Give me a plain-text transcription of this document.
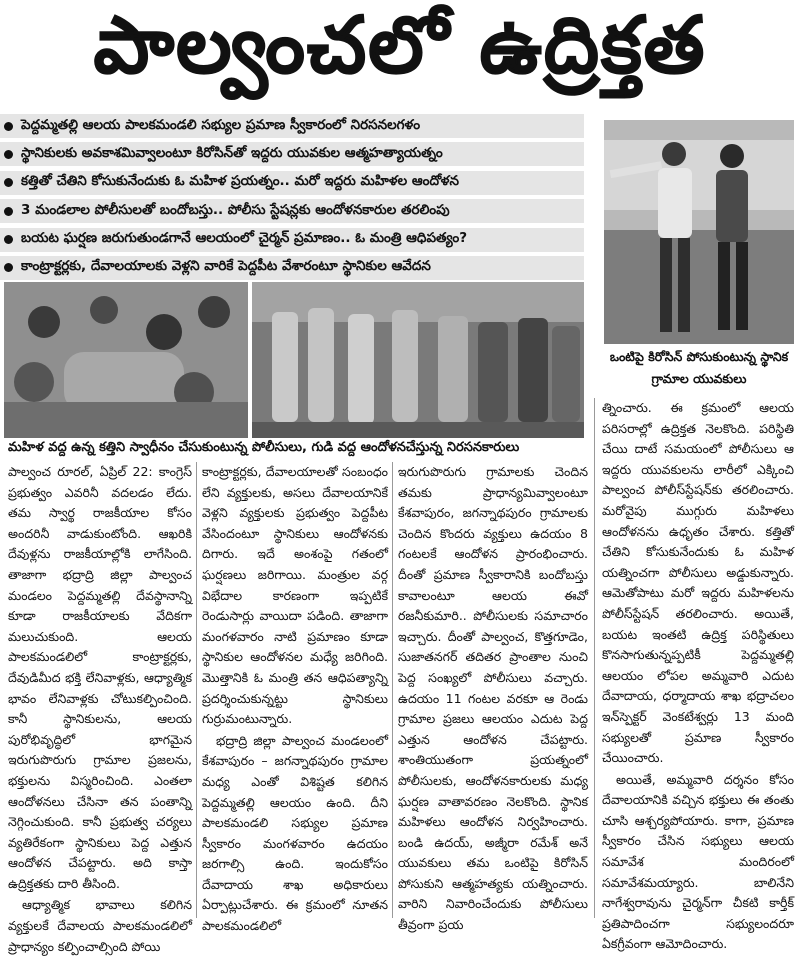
పాల్వంచలో ఉద్రిక్తత
పెద్దమ్మతల్లి ఆలయ పాలకమండలి సభ్యుల ప్రమాణ స్వీకారంలో నిరసనలగళం
స్థానికులకు అవకాశమివ్వాలంటూ కిరోసిన్‌తో ఇద్దరు యువకుల ఆత్మహత్యాయత్నం
కత్తితో చేతిని కోసుకునేందుకు ఓ మహిళ ప్రయత్నం.. మరో ఇద్దరు మహిళల ఆందోళన
3 మండలాల పోలీసులతో బందోబస్తు.. పోలీసు స్టేషన్లకు ఆందోళనకారుల తరలింపు
బయట ఘర్షణ జరుగుతుండగానే ఆలయంలో చైర్మన్ ప్రమాణం.. ఓ మంత్రి ఆధిపత్యం?
కాంట్రాక్టర్లకు, దేవాలయాలకు వెళ్లని వారికే పెద్దపీట వేశారంటూ స్థానికుల ఆవేదన
ఒంటిపై కిరోసిన్ పోసుకుంటున్న స్థానిక గ్రామాల యువకులు
మహిళ వద్ద ఉన్న కత్తిని స్వాధీనం చేసుకుంటున్న పోలీసులు, గుడి వద్ద ఆందోళనచేస్తున్న నిరసనకారులు

పాల్వంచ రూరల్, ఏప్రిల్ 22: కాంగ్రెస్ ప్రభుత్వం ఎవరినీ వదలడం లేదు. తమ స్వార్థ రాజకీయాల కోసం అందరినీ వాడుకుంటోంది. ఆఖరికి దేవుళ్లను రాజకీయాల్లోకి లాగేసింది. తాజాగా భద్రాద్రి జిల్లా పాల్వంచ మండలం పెద్దమ్మతల్లి దేవస్థానాన్ని కూడా రాజకీయాలకు వేదికగా మలుచుకుంది. ఆలయ పాలకమండలిలో కాంట్రాక్టర్లకు, దేవుడిమీద భక్తి లేనివాళ్లకు, ఆధ్యాత్మిక భావం లేనివాళ్లకు చోటుకల్పించింది. కానీ స్థానికులను, ఆలయ పురోభివృద్ధిలో భాగమైన ఇరుగుపొరుగు గ్రామాల ప్రజలను, భక్తులను విస్మరించింది. ఎంతలా ఆందోళనలు చేసినా తన పంతాన్ని నెగ్గించుకుంది. కానీ ప్రభుత్వ చర్యలు వ్యతిరేకంగా స్థానికులు పెద్ద ఎత్తున ఆందోళన చేపట్టారు. అది కాస్తా ఉద్రిక్తతకు దారి తీసింది.

ఆధ్యాత్మిక భావాలు కలిగిన వ్యక్తులకే దేవాలయ పాలకమండలిలో ప్రాధాన్యం కల్పించాల్సింది పోయి

కాంట్రాక్టర్లకు, దేవాలయాలతో సంబంధం లేని వ్యక్తులకు, అసలు దేవాలయానికే వెళ్లని వ్యక్తులకు ప్రభుత్వం పెద్దపీట వేసిందంటూ స్థానికులు ఆందోళనకు దిగారు. ఇదే అంశంపై గతంలో ఘర్షణలు జరిగాయి. మంత్రుల వర్గ విభేదాల కారణంగా ఇప్పటికే రెండుసార్లు వాయిదా పడింది. తాజాగా మంగళవారం నాటి ప్రమాణం కూడా స్థానికుల ఆందోళనల మధ్యే జరిగింది. మొత్తానికి ఓ మంత్రి తన ఆధిపత్యాన్ని ప్రదర్శించుకున్నట్టు స్థానికులు గుర్రుమంటున్నారు.

భద్రాద్రి జిల్లా పాల్వంచ మండలంలో కేశవాపురం – జగన్నాథపురం గ్రామాల మధ్య ఎంతో విశిష్టత కలిగిన పెద్దమ్మతల్లి ఆలయం ఉంది. దీని పాలకమండలి సభ్యుల ప్రమాణ స్వీకారం మంగళవారం ఉదయం జరగాల్సి ఉంది. ఇందుకోసం దేవాదాయ శాఖ అధికారులు ఏర్పాట్లుచేశారు. ఈ క్రమంలో నూతన పాలకమండలిలో

ఇరుగుపొరుగు గ్రామాలకు చెందిన తమకు ప్రాధాన్యమివ్వాలంటూ కేశవాపురం, జగన్నాథపురం గ్రామాలకు చెందిన కొందరు వ్యక్తులు ఉదయం 8 గంటలకే ఆందోళన ప్రారంభించారు. దీంతో ప్రమాణ స్వీకారానికి బందోబస్తు కావాలంటూ ఆలయ ఈవో రజనీకుమారి.. పోలీసులకు సమాచారం ఇచ్చారు. దీంతో పాల్వంచ, కొత్తగూడెం, సుజాతనగర్ తదితర ప్రాంతాల నుంచి పెద్ద సంఖ్యలో పోలీసులు వచ్చారు. ఉదయం 11 గంటల వరకూ ఆ రెండు గ్రామాల ప్రజలు ఆలయం ఎదుట పెద్ద ఎత్తున ఆందోళన చేపట్టారు. శాంతియుతంగా ప్రయత్నంలో పోలీసులకు, ఆందోళనకారులకు మధ్య ఘర్షణ వాతావరణం నెలకొంది. స్థానిక మహిళలు ఆందోళన నిర్వహించారు. బండి ఉదయ్, అజ్మీరా రమేశ్ అనే యువకులు తమ ఒంటిపై కిరోసిన్ పోసుకుని ఆత్మహత్యకు యత్నించారు. వారిని నివారించేందుకు పోలీసులు తీవ్రంగా ప్రయ

త్నించారు. ఈ క్రమంలో ఆలయ పరిసరాల్లో ఉద్రిక్తత నెలకొంది. పరిస్థితి చేయి దాటే సమయంలో పోలీసులు ఆ ఇద్దరు యువకులను లారీలో ఎక్కించి పాల్వంచ పోలీస్‌స్టేషన్‌కు తరలించారు. మరోవైపు ముగ్గురు మహిళలు ఆందోళనను ఉధృతం చేశారు. కత్తితో చేతిని కోసుకునేందుకు ఓ మహిళ యత్నించగా పోలీసులు అడ్డుకున్నారు. ఆమెతోపాటు మరో ఇద్దరు మహిళలను పోలీస్‌స్టేషన్ తరలించారు. అయితే, బయట ఇంతటి ఉద్రిక్త పరిస్థితులు కొనసాగుతున్నప్పటికీ పెద్దమ్మతల్లి ఆలయం లోపల అమ్మవారి ఎదుట దేవాదాయ, ధర్మాదాయ శాఖ భద్రాచలం ఇన్‌స్పెక్టర్ వెంకటేశ్వర్లు 13 మంది సభ్యులతో ప్రమాణ స్వీకారం చేయించారు.

అయితే, అమ్మవారి దర్శనం కోసం దేవాలయానికి వచ్చిన భక్తులు ఈ తంతు చూసి ఆశ్చర్యపోయారు. కాగా, ప్రమాణ స్వీకారం చేసిన సభ్యులు ఆలయ సమావేశ మందిరంలో సమావేశమయ్యారు. బాలినేని నాగేశ్వరావును చైర్మన్‌గా చీకటి కార్తీక్ ప్రతిపాదించగా సభ్యులందరూ ఏకగ్రీవంగా ఆమోదించారు.
